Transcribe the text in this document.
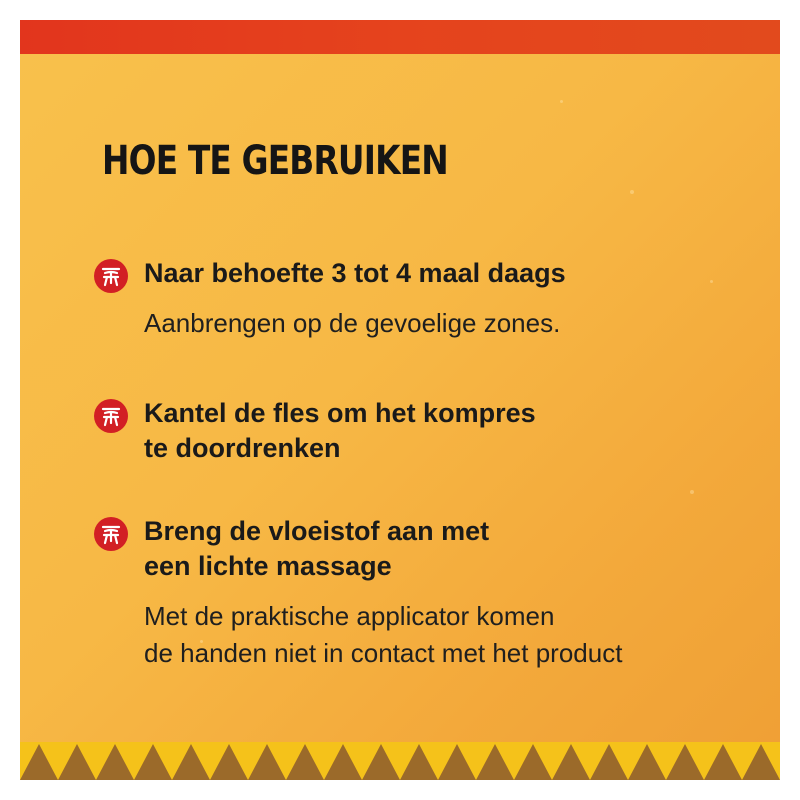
HOE TE GEBRUIKEN

Naar behoefte 3 tot 4 maal daags

Aanbrengen op de gevoelige zones.

Kantel de fles om het kompres
te doordrenken

Breng de vloeistof aan met
een lichte massage

Met de praktische applicator komen
de handen niet in contact met het product
